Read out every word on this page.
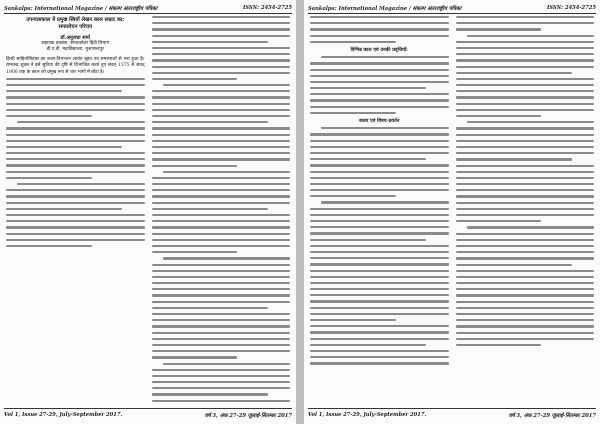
Sankalpa: International Magazine / संकल्प अंतरराष्ट्रीय पत्रिका	ISSN: 2454-2725
उपन्यासकाल में प्रमुख स्त्रियों लेखन काल सम्राट का:
समालोचन परिचय
डॉ.अनुराधा शर्मा
सहायक प्रवक्ता, स्नातकोत्तर हिंदी विभाग
डी.ए.वी. महाविद्यालय, मुज़फ्फरपुर

हिन्दी साहित्येतिहास का काल-विभाजन अत्यंत बृहत एवं समस्याओं से भरा हुआ है। रामचन्द्र शुक्ल ने इसे सुविधा की दृष्टि से विभाजित करते हुए संवत् 1375 से संवत् 1900 तक के काल को प्रमुख रूप से चार भागों में बाँटा है।

Vol 1, Issue 27-29, July-September 2017.	वर्ष 3, अंक 27-29 जुलाई-सितम्बर 2017
Sankalpa: International Magazine / संकल्प अंतरराष्ट्रीय पत्रिका	ISSN: 2454-2725
विभिन्न काल एवं उनकी प्रवृत्तियाँ:
काव्य एवं विषय-प्रवर्तन
Vol 1, Issue 27-29, July-September 2017.	वर्ष 3, अंक 27-29 जुलाई-सितम्बर 2017
